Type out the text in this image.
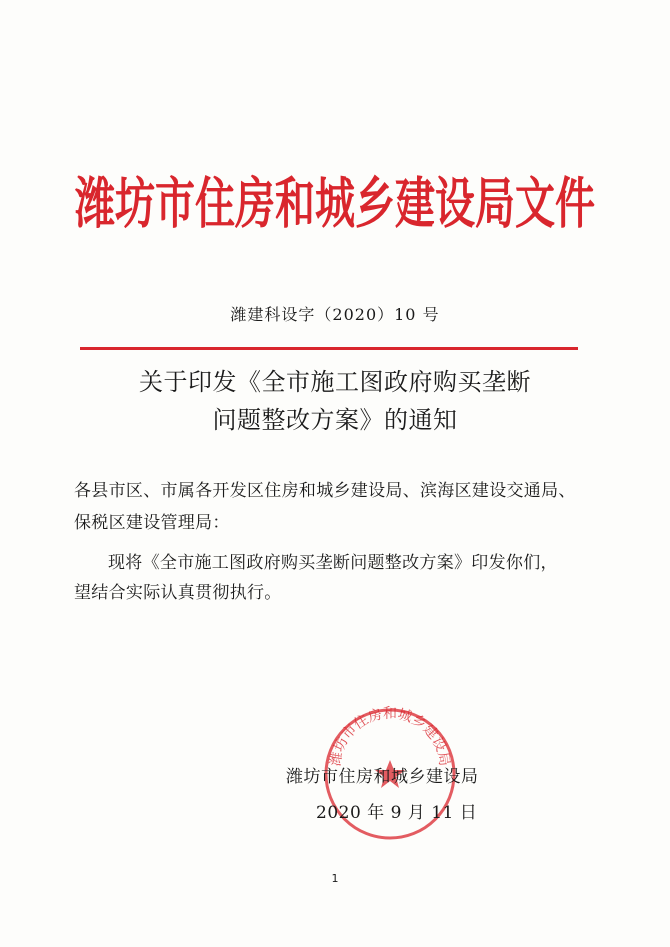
潍坊市住房和城乡建设局文件
潍建科设字（2020）10 号
关于印发《全市施工图政府购买垄断
问题整改方案》的通知
各县市区、市属各开发区住房和城乡建设局、滨海区建设交通局、
保税区建设管理局：
现将《全市施工图政府购买垄断问题整改方案》印发你们，
望结合实际认真贯彻执行。
潍坊市住房和城乡建设局
潍坊市住房和城乡建设局
2020 年 9 月 11 日
1
